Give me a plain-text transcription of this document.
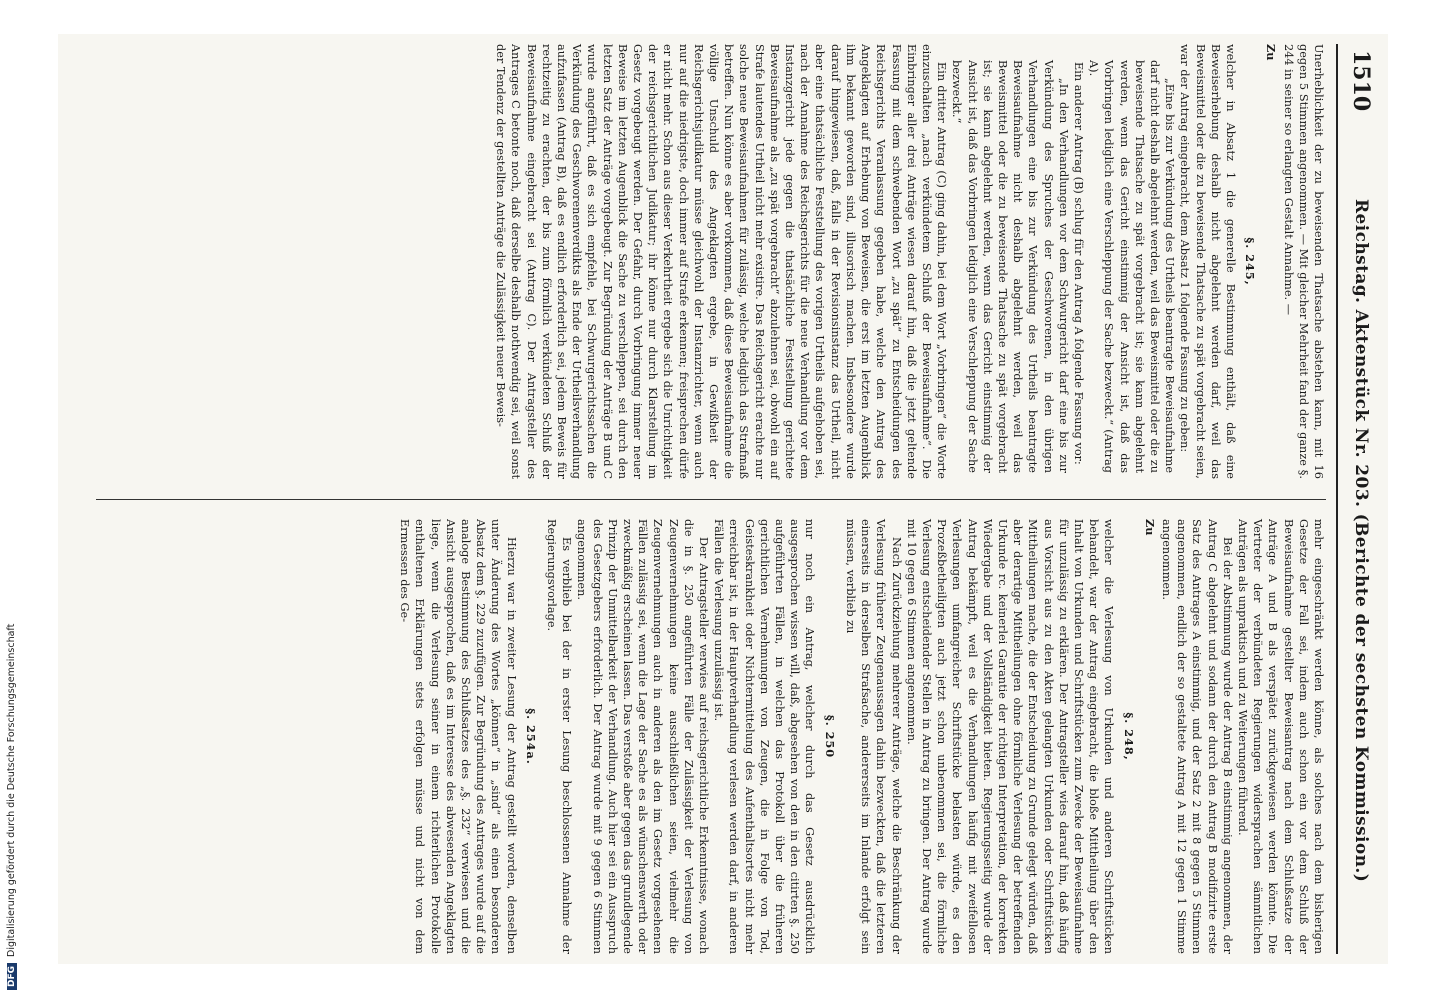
1510
Reichstag. Aktenstück Nr. 203. (Berichte der sechsten Kommission.)

Unerheblichkeit der zu beweisenden Thatsache abstehen kann, mit 16 gegen 5 Stimmen angenommen. — Mit gleicher Mehrheit fand der ganze §. 244 in seiner so erlangten Gestalt Annahme. —

Zu

§. 245,

welcher in Absatz 1 die generelle Bestimmung enthält, daß eine Beweiserhebung deshalb nicht abgelehnt werden darf, weil das Beweismittel oder die zu beweisende Thatsache zu spät vorgebracht seien, war der Antrag eingebracht, dem Absatz 1 folgende Fassung zu geben:

„Eine bis zur Verkündung des Urtheils beantragte Beweisaufnahme darf nicht deshalb abgelehnt werden, weil das Beweismittel oder die zu beweisende Thatsache zu spät vorgebracht ist; sie kann abgelehnt werden, wenn das Gericht einstimmig der Ansicht ist, daß das Vorbringen lediglich eine Verschleppung der Sache bezweckt.“ (Antrag A).

Ein anderer Antrag (B) schlug für den Antrag A folgende Fassung vor:

„In den Verhandlungen vor dem Schwurgericht darf eine bis zur Verkündung des Spruches der Geschworenen, in den übrigen Verhandlungen eine bis zur Verkündung des Urtheils beantragte Beweisaufnahme nicht deshalb abgelehnt werden, weil das Beweismittel oder die zu beweisende Thatsache zu spät vorgebracht ist; sie kann abgelehnt werden, wenn das Gericht einstimmig der Ansicht ist, daß das Vorbringen lediglich eine Verschleppung der Sache bezweckt.“

Ein dritter Antrag (C) ging dahin, bei dem Wort „Vorbringen“ die Worte einzuschalten „nach verkündetem Schluß der Beweisaufnahme“. Die Einbringer aller drei Anträge wiesen darauf hin, daß die jetzt geltende Fassung mit dem schwebenden Wort „zu spät“ zu Entscheidungen des Reichsgerichts Veranlassung gegeben habe, welche den Antrag des Angeklagten auf Erhebung von Beweisen, die erst im letzten Augenblick ihm bekannt geworden sind, illusorisch machen. Insbesondere wurde darauf hingewiesen, daß, falls in der Revisionsinstanz das Urtheil, nicht aber eine thatsächliche Feststellung des vorigen Urtheils aufgehoben sei, nach der Annahme des Reichsgerichts für die neue Verhandlung vor dem Instanzgericht jede gegen die thatsächliche Feststellung gerichtete Beweisaufnahme als „zu spät vorgebracht“ abzulehnen sei, obwohl ein auf Strafe lautendes Urtheil nicht mehr existire. Das Reichsgericht erachte nur solche neue Beweisaufnahmen für zulässig, welche lediglich das Strafmaß betreffen. Nun könne es aber vorkommen, daß diese Beweisaufnahme die völlige Unschuld des Angeklagten ergebe, in Gewißheit der Reichsgerichtsjudikatur müsse gleichwohl der Instanzrichter, wenn auch nur auf die niedrigste, doch immer auf Strafe erkennen; freisprechen dürfe er nicht mehr. Schon aus dieser Verkehrtheit ergebe sich die Unrichtigkeit der reichsgerichtlichen Judikatur; ihr könne nur durch Klarstellung im Gesetz vorgebeugt werden. Der Gefahr, durch Vorbringung immer neuer Beweise im letzten Augenblick die Sache zu verschleppen, sei durch den letzten Satz der Anträge vorgebeugt. Zur Begründung der Anträge B und C wurde angeführt, daß es sich empfehle, bei Schwurgerichtssachen die Verkündung des Geschworenenverdikts als Ende der Urtheilsverhandlung aufzufassen (Antrag B), daß es endlich erforderlich sei, jedem Beweis für rechtzeitig zu erachten, der bis zum förmlich verkündeten Schluß der Beweisaufnahme eingebracht sei (Antrag C). Der Antragsteller des Antrages C betonte noch, daß derselbe deshalb nothwendig sei, weil sonst der Tendenz der gestellten Anträge die Zulässigkeit neuer Beweis-

mehr eingeschränkt werden könne, als solches nach dem bisherigen Gesetze der Fall sei, indem auch schon ein vor dem Schluß der Beweisaufnahme gestellter Beweisantrag nach dem Schlußsatze der Anträge A und B als verspätet zurückgewiesen werden könnte. Die Vertreter der verbündeten Regierungen widersprachen sämmtlichen Anträgen als unpraktisch und zu Weiterungen führend.

Bei der Abstimmung wurde der Antrag B einstimmig angenommen, der Antrag C abgelehnt und sodann der durch den Antrag B modifizirte erste Satz des Antrages A einstimmig, und der Satz 2 mit 8 gegen 5 Stimmen angenommen, endlich der so gestaltete Antrag A mit 12 gegen 1 Stimme angenommen.

Zu

§. 248,

welcher die Verlesung von Urkunden und anderen Schriftstücken behandelt, war der Antrag eingebracht, die bloße Mittheilung über den Inhalt von Urkunden und Schriftstücken zum Zwecke der Beweisaufnahme für unzulässig zu erklären. Der Antragsteller wies darauf hin, daß häufig aus Vorsicht aus zu den Akten gelangten Urkunden oder Schriftstücken Mittheilungen mache, die der Entscheidung zu Grunde gelegt würden, daß aber derartige Mittheilungen ohne förmliche Verlesung der betreffenden Urkunde rc. keinerlei Garantie der richtigen Interpretation, der korrekten Wiedergabe und der Vollständigkeit bieten. Regierungsseitig wurde der Antrag bekämpft, weil es die Verhandlungen häufig mit zweifellosen Verlesungen umfangreicher Schriftstücke belasten würde, es den Prozeßbetheiligten auch jetzt schon unbenommen sei, die förmliche Verlesung entscheidender Stellen in Antrag zu bringen. Der Antrag wurde mit 10 gegen 6 Stimmen angenommen.

Nach Zurückziehung mehrerer Anträge, welche die Beschränkung der Verlesung früherer Zeugenaussagen dahin bezweckten, daß die letzteren einerseits in derselben Strafsache, andererseits im Inlande erfolgt sein müssen, verblieb zu

§. 250

nur noch ein Antrag, welcher durch das Gesetz ausdrücklich ausgesprochen wissen will, daß, abgesehen von den in den citirten §. 250 aufgeführten Fällen, in welchen das Protokoll über die früheren gerichtlichen Vernehmungen von Zeugen, die in Folge von Tod, Geisteskrankheit oder Nichtermittelung des Aufenthaltsortes nicht mehr erreichbar ist, in der Hauptverhandlung verlesen werden darf, in anderen Fällen die Verlesung unzulässig ist.

Der Antragsteller verwies auf reichsgerichtliche Erkenntnisse, wonach die in §. 250 angeführten Fälle der Zulässigkeit der Verlesung von Zeugenvernehmungen keine ausschließlichen seien, vielmehr die Zeugenvernehmungen auch in anderen als den im Gesetz vorgesehenen Fällen zulässig sei, wenn die Lage der Sache es als wünschenswerth oder zweckmäßig erscheinen lassen. Das verstoße aber gegen das grundlegende Prinzip der Unmittelbarkeit der Verhandlung. Auch hier sei ein Ausspruch des Gesetzgebers erforderlich. Der Antrag wurde mit 9 gegen 6 Stimmen angenommen.

Es verblieb bei der in erster Lesung beschlossenen Annahme der Regierungsvorlage.

§. 254a.

Hierzu war in zweiter Lesung der Antrag gestellt worden, denselben unter Änderung des Wortes „können“ in „sind“ als einen besonderen Absatz dem §. 229 zuzufügen. Zur Begründung des Antrages wurde auf die analoge Bestimmung des Schlußsatzes des „§. 232“ verwiesen und die Ansicht ausgesprochen, daß es im Interesse des abwesenden Angeklagten liege, wenn die Verlesung seiner in einem richterlichen Protokolle enthaltenen Erklärungen stets erfolgen müsse und nicht von dem Ermessen des Ge-

DFGDigitalisierung gefördert durch die Deutsche Forschungsgemeinschaft
